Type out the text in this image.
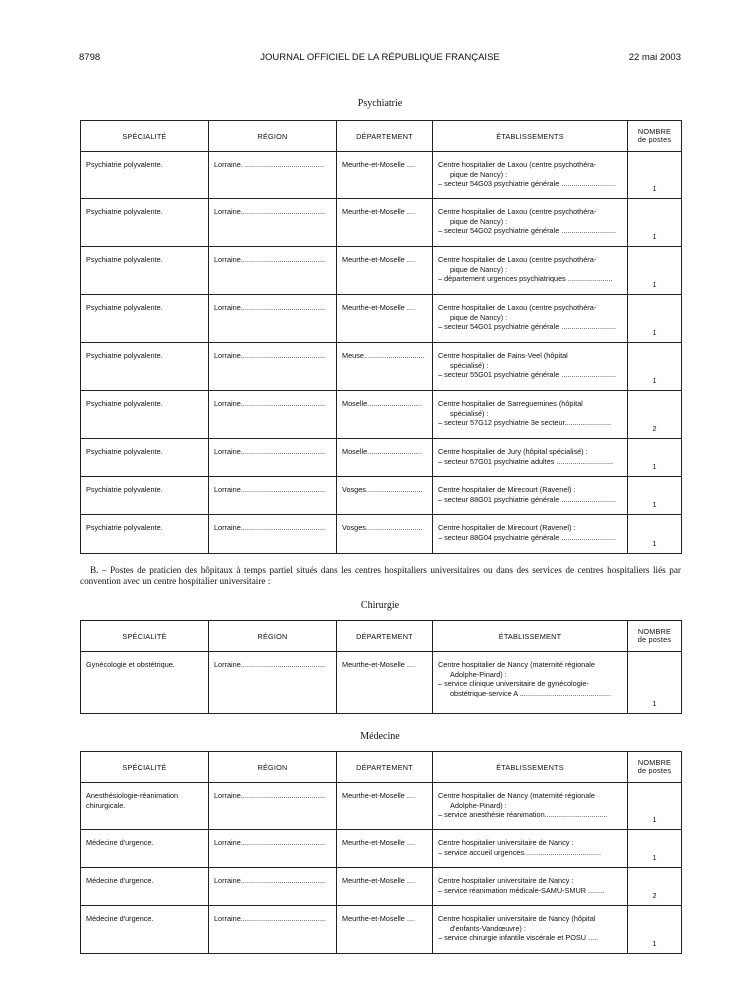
8798	JOURNAL OFFICIEL DE LA RÉPUBLIQUE FRANÇAISE	22 mai 2003
Psychiatrie
SPÉCIALITÉ	RÉGION	DÉPARTEMENT	ÉTABLISSEMENTS	NOMBRE
de postes

Psychiatrie polyvalente.	Lorraine. .......................................	Meurthe-et-Moselle ....	Centre hospitalier de Laxou (centre psychothéra-
pique de Nancy) :
– secteur 54G03 psychiatrie générale ...........................	1
Psychiatrie polyvalente.	Lorraine..........................................	Meurthe-et-Moselle ....	Centre hospitalier de Laxou (centre psychothéra-
pique de Nancy) :
– secteur 54G02 psychiatrie générale ...........................	1
Psychiatrie polyvalente.	Lorraine..........................................	Meurthe-et-Moselle ....	Centre hospitalier de Laxou (centre psychothéra-
pique de Nancy) :
– département urgences psychiatriques ......................	1
Psychiatrie polyvalente.	Lorraine..........................................	Meurthe-et-Moselle ....	Centre hospitalier de Laxou (centre psychothéra-
pique de Nancy) :
– secteur 54G01 psychiatrie générale ...........................	1
Psychiatrie polyvalente.	Lorraine..........................................	Meuse..............................	Centre hospitalier de Fains-Veel (hôpital
spécialisé) :
– secteur 55G01 psychiatrie générale ...........................	1
Psychiatrie polyvalente.	Lorraine..........................................	Moselle...........................	Centre hospitalier de Sarreguemines (hôpital
spécialisé) :
– secteur 57G12 psychiatrie 3e secteur.......................	2
Psychiatrie polyvalente.	Lorraine..........................................	Moselle...........................	Centre hospitalier de Jury (hôpital spécialisé) :
– secteur 57G01 psychiatrie adultes ............................	1
Psychiatrie polyvalente.	Lorraine..........................................	Vosges............................	Centre hospitalier de Mirecourt (Ravenel) :
– secteur 88G01 psychiatrie générale ...........................	1
Psychiatrie polyvalente.	Lorraine..........................................	Vosges............................	Centre hospitalier de Mirecourt (Ravenel) :
– secteur 88G04 psychiatrie générale ...........................	1
B. – Postes de praticien des hôpitaux à temps partiel situés dans les centres hospitaliers universitaires ou dans des services de centres hospitaliers liés par convention avec un centre hospitalier universitaire :
Chirurgie
SPÉCIALITÉ	RÉGION	DÉPARTEMENT	ÉTABLISSEMENT	NOMBRE
de postes

Gynécologie et obstétrique.	Lorraine..........................................	Meurthe-et-Moselle ....	Centre hospitalier de Nancy (maternité régionale
Adolphe-Pinard) :
– service clinique universitaire de gynécologie-
obstétrique-service A .............................................	1
Médecine
SPÉCIALITÉ	RÉGION	DÉPARTEMENT	ÉTABLISSEMENTS	NOMBRE
de postes

Anesthésiologie-réanimation chirurgicale.	Lorraine..........................................	Meurthe-et-Moselle ....	Centre hospitalier de Nancy (maternité régionale
Adolphe-Pinard) :
– service anesthésie réanimation...............................	1
Médecine d'urgence.	Lorraine..........................................	Meurthe-et-Moselle ....	Centre hospitalier universitaire de Nancy :
– service accueil urgences......................................	1
Médecine d'urgence.	Lorraine..........................................	Meurthe-et-Moselle ....	Centre hospitalier universitaire de Nancy :
– service réanimation médicale-SAMU-SMUR ........	2
Médecine d'urgence.	Lorraine..........................................	Meurthe-et-Moselle ....	Centre hospitalier universitaire de Nancy (hôpital
d'enfants-Vandœuvre) :
– service chirurgie infantile viscérale et POSU .....	1
